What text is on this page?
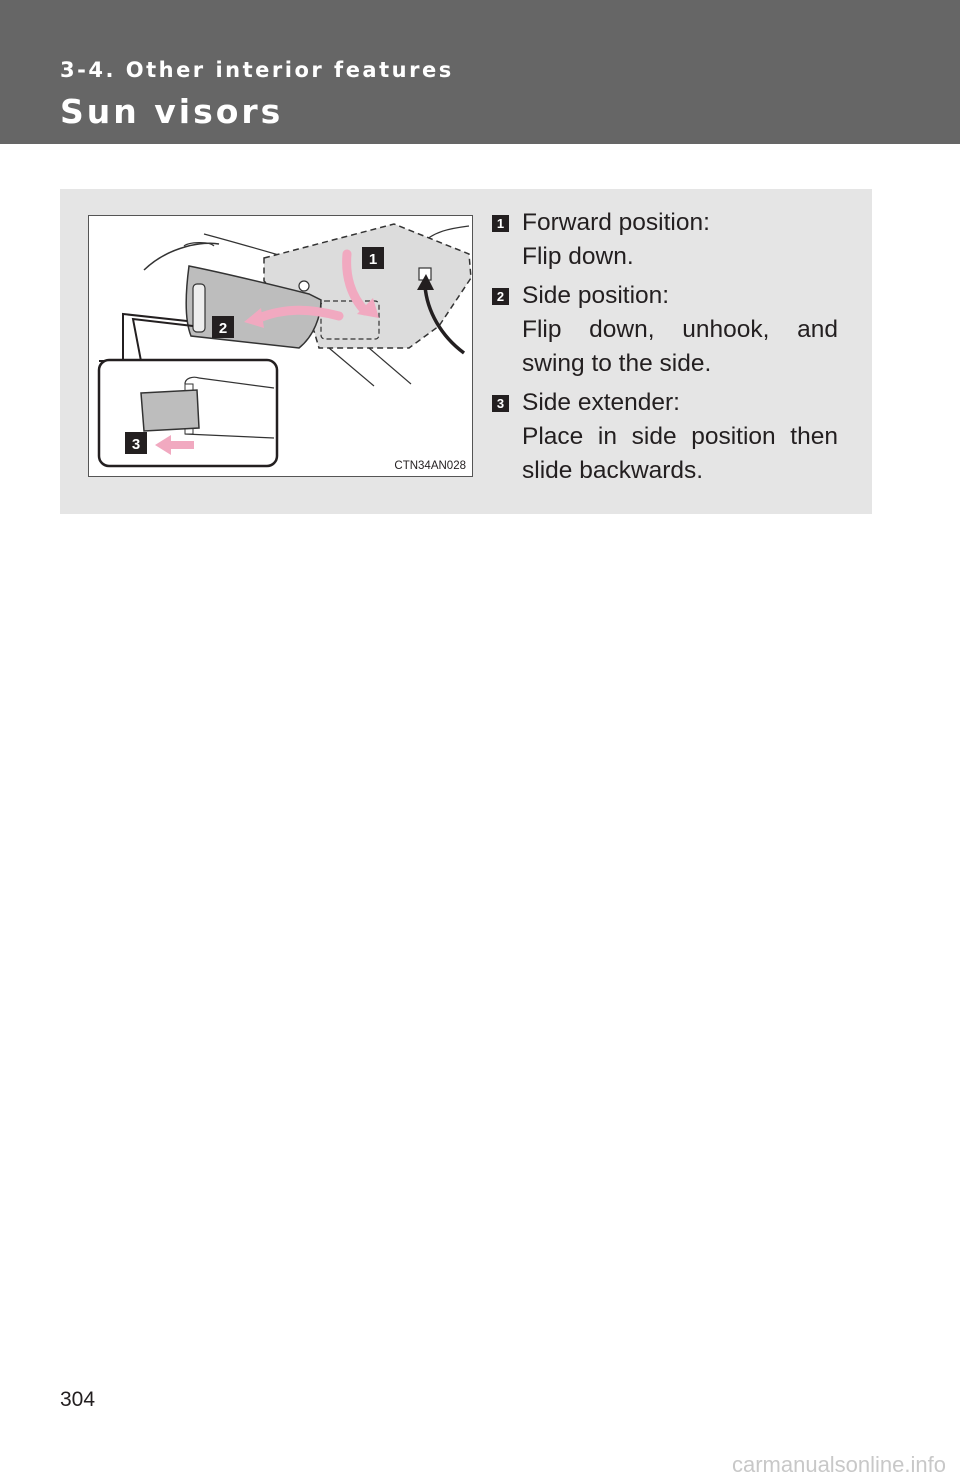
3-4. Other interior features
Sun visors
1
2
3
CTN34AN028
1 Forward position:
Flip down.
2 Side position:
Flip down, unhook, and swing to the side.
3 Side extender:
Place in side position then slide backwards.
304
carmanualsonline.info
